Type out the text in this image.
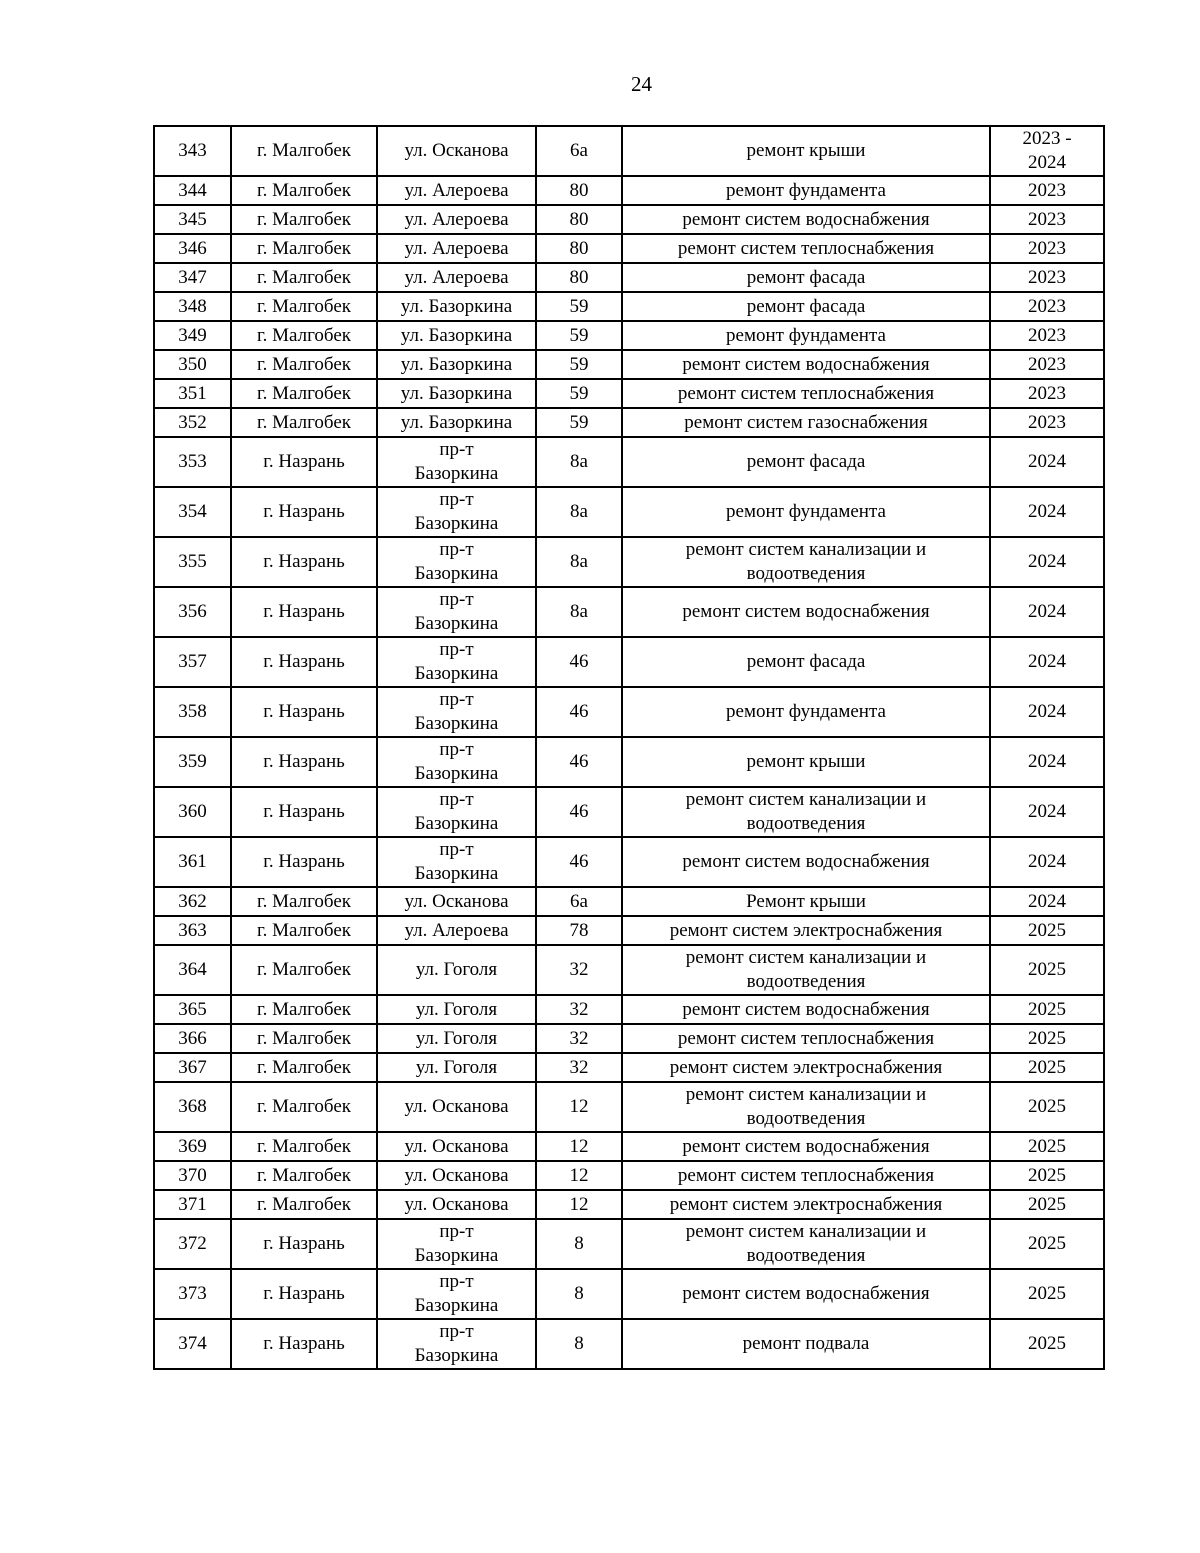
24
343	г. Малгобек	ул. Осканова	6а	ремонт крыши	2023 -
2024

344	г. Малгобек	ул. Алероева	80	ремонт фундамента	2023

345	г. Малгобек	ул. Алероева	80	ремонт систем водоснабжения	2023

346	г. Малгобек	ул. Алероева	80	ремонт систем теплоснабжения	2023

347	г. Малгобек	ул. Алероева	80	ремонт фасада	2023

348	г. Малгобек	ул. Базоркина	59	ремонт фасада	2023

349	г. Малгобек	ул. Базоркина	59	ремонт фундамента	2023

350	г. Малгобек	ул. Базоркина	59	ремонт систем водоснабжения	2023

351	г. Малгобек	ул. Базоркина	59	ремонт систем теплоснабжения	2023

352	г. Малгобек	ул. Базоркина	59	ремонт систем газоснабжения	2023

353	г. Назрань	пр-т
Базоркина	8а	ремонт фасада	2024

354	г. Назрань	пр-т
Базоркина	8а	ремонт фундамента	2024

355	г. Назрань	пр-т
Базоркина	8а	ремонт систем канализации и
водоотведения	2024

356	г. Назрань	пр-т
Базоркина	8а	ремонт систем водоснабжения	2024

357	г. Назрань	пр-т
Базоркина	46	ремонт фасада	2024

358	г. Назрань	пр-т
Базоркина	46	ремонт фундамента	2024

359	г. Назрань	пр-т
Базоркина	46	ремонт крыши	2024

360	г. Назрань	пр-т
Базоркина	46	ремонт систем канализации и
водоотведения	2024

361	г. Назрань	пр-т
Базоркина	46	ремонт систем водоснабжения	2024

362	г. Малгобек	ул. Осканова	6а	Ремонт крыши	2024

363	г. Малгобек	ул. Алероева	78	ремонт систем электроснабжения	2025

364	г. Малгобек	ул. Гоголя	32	ремонт систем канализации и
водоотведения	2025

365	г. Малгобек	ул. Гоголя	32	ремонт систем водоснабжения	2025

366	г. Малгобек	ул. Гоголя	32	ремонт систем теплоснабжения	2025

367	г. Малгобек	ул. Гоголя	32	ремонт систем электроснабжения	2025

368	г. Малгобек	ул. Осканова	12	ремонт систем канализации и
водоотведения	2025

369	г. Малгобек	ул. Осканова	12	ремонт систем водоснабжения	2025

370	г. Малгобек	ул. Осканова	12	ремонт систем теплоснабжения	2025

371	г. Малгобек	ул. Осканова	12	ремонт систем электроснабжения	2025

372	г. Назрань	пр-т
Базоркина	8	ремонт систем канализации и
водоотведения	2025

373	г. Назрань	пр-т
Базоркина	8	ремонт систем водоснабжения	2025

374	г. Назрань	пр-т
Базоркина	8	ремонт подвала	2025
